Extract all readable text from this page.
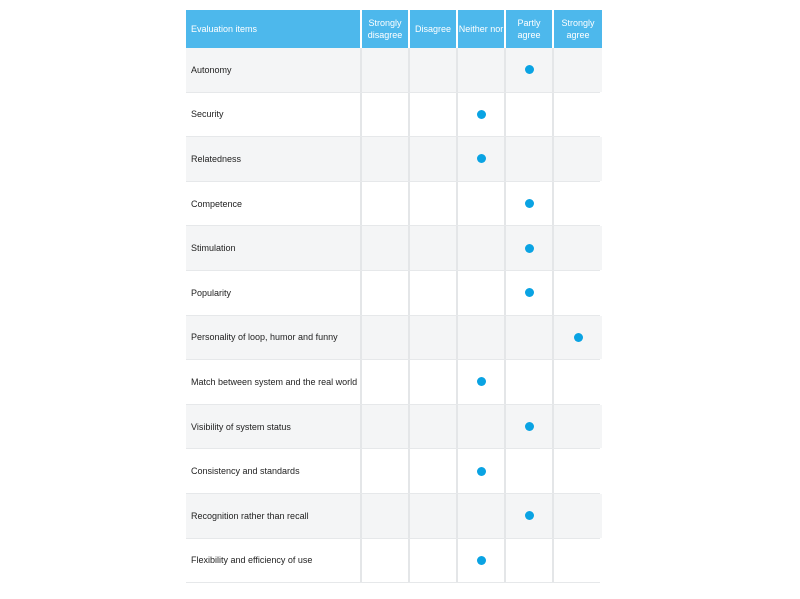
Evaluation items
Strongly disagree
Disagree Neither nor
Partly agree
Strongly agree
Autonomy
Security
Relatedness
Competence
Stimulation
Popularity
Personality of loop, humor and funny
Match between system and the real world
Visibility of system status
Consistency and standards
Recognition rather than recall
Flexibility and efficiency of use
